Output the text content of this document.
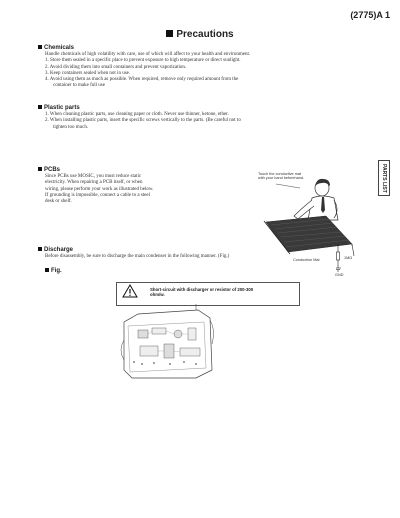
(2775)A 1
Precautions
Chemicals
Handle chemicals of high volatility with care, use of which will affect to your health and environment.
1. Store them sealed in a specific place to prevent exposure to high temperature or direct sunlight.
2. Avoid dividing them into small containers and prevent vaporization.
3. Keep containers sealed when not in use.
4. Avoid using them as much as possible. When required, remove only required amount from the
container to make full use
Plastic parts
1. When cleaning plastic parts, use cleaning paper or cloth. Never use thinner, ketone, ether.
2. When installing plastic parts, insert the specific screws vertically to the parts. (Be careful not to
tighten too much.
PARTS LIST
PCBs
Since PCBs use MOSIC, you must reduce static
electricity. When repairing a PCB itself, or when
wiring, please perform your work as illustrated below.
If grounding is impossible, connect a cable to a steel
desk or shelf.
Touch the conductive mat
with your hand beforehand.
Conduction Mat	1MΩ
GND
Discharge
Before disassembly, be sure to discharge the main condenser in the following manner. (Fig.)
Fig.
Short-circuit with discharger or resistor of 200-300
ohm/w.
